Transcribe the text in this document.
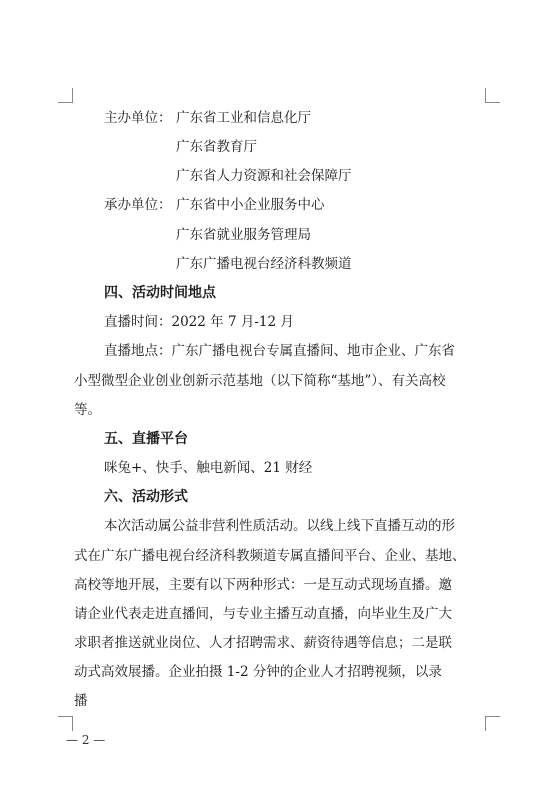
主办单位： 广东省工业和信息化厅
广东省教育厅
广东省人力资源和社会保障厅
承办单位： 广东省中小企业服务中心
广东省就业服务管理局
广东广播电视台经济科教频道
四、活动时间地点
直播时间：2022 年 7 月-12 月
直播地点：广东广播电视台专属直播间、地市企业、广东省
小型微型企业创业创新示范基地（以下简称“基地”）、有关高校
等。
五、直播平台
咪兔+、快手、触电新闻、21 财经
六、活动形式
本次活动属公益非营利性质活动。以线上线下直播互动的形
式在广东广播电视台经济科教频道专属直播间平台、企业、基地、
高校等地开展，主要有以下两种形式：一是互动式现场直播。邀
请企业代表走进直播间，与专业主播互动直播，向毕业生及广大
求职者推送就业岗位、人才招聘需求、薪资待遇等信息；二是联
动式高效展播。企业拍摄 1-2 分钟的企业人才招聘视频，以录
播
— 2 —
